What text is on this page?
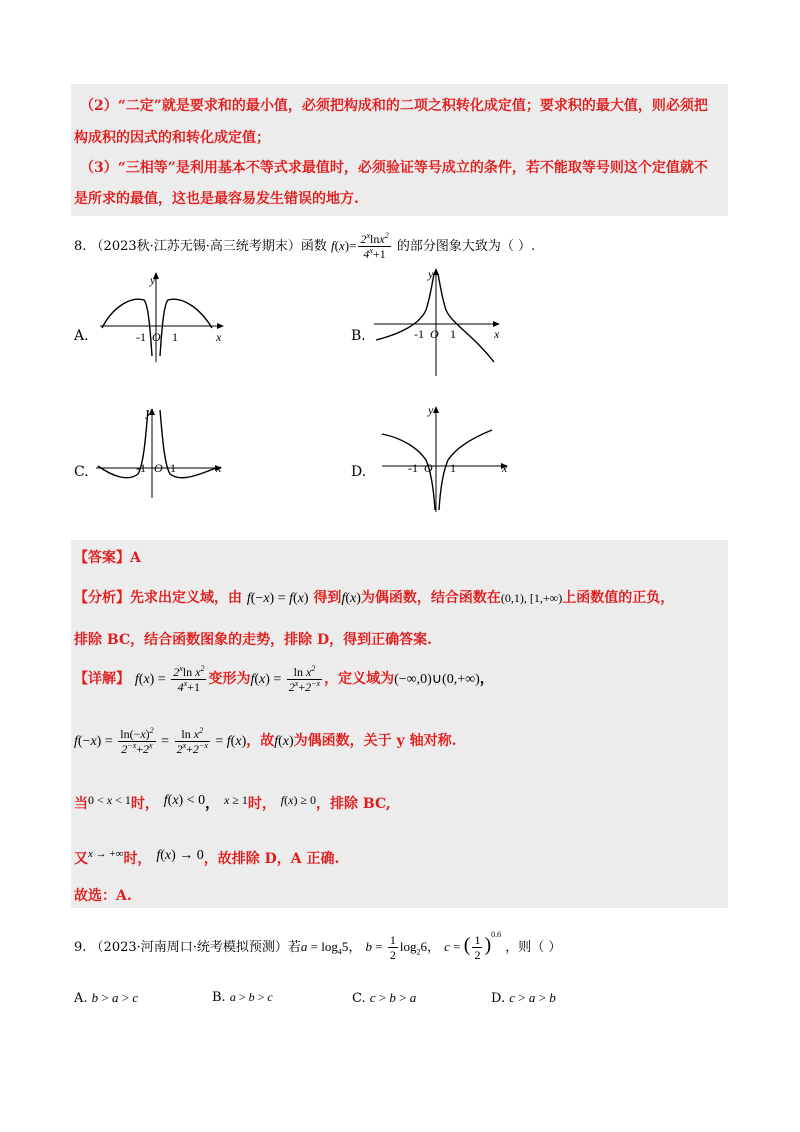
（2）“二定”就是要求和的最小值，必须把构成和的二项之积转化成定值；要求积的最大值，则必须把
构成积的因式的和转化成定值；
（3）“三相等”是利用基本不等式求最值时，必须验证等号成立的条件，若不能取等号则这个定值就不
是所求的最值，这也是最容易发生错误的地方.
8. （2023秋·江苏无锡·高三统考期末）函数 $f(x)= \frac{2^x\ln x^2}{4^x+1}$ 的部分图象大致为（ ）.
A.
y
x
O
-1 1	B.
y
x
O
-1 1
C.
y
x
O
-1 1	D.
y
x
O
-1	1
【答案】A
【分析】先求出定义域，由 f(−x) = f(x) 得到f(x)为偶函数，结合函数在(0,1), [1,+∞)上函数值的正负，
排除 BC，结合函数图象的走势，排除 D，得到正确答案.
【详解】 $f(x) = \frac{2^x\ln x^2}{4^x+1}$ 变形为$f(x) = \frac{\ln x^2}{2^x+2^{-x}}$ ，定义域为(−∞,0)∪(0,+∞)，
$f(-x) = \frac{\ln(-x)^2}{2^{-x}+2^x} = \frac{\ln x^2}{2^x+2^{-x}} = f(x)$，故f(x)为偶函数，关于 y 轴对称.
当0 < x < 1时， f(x) < 0， x ≥ 1时， f(x) ≥ 0，排除 BC,
又$^x$ → +∞时， f(x) → 0，故排除 D，A 正确.
故选：A.
9. （2023·河南周口·统考模拟预测）若$a = \log_45$， $b = \frac{1}{2} \log_26$， c = ( $\frac{1}{2} )^{0.6}$ ，则（ ）
A. b > a > c	B. a > b > c	C. c > b > a	D. c > a > b
